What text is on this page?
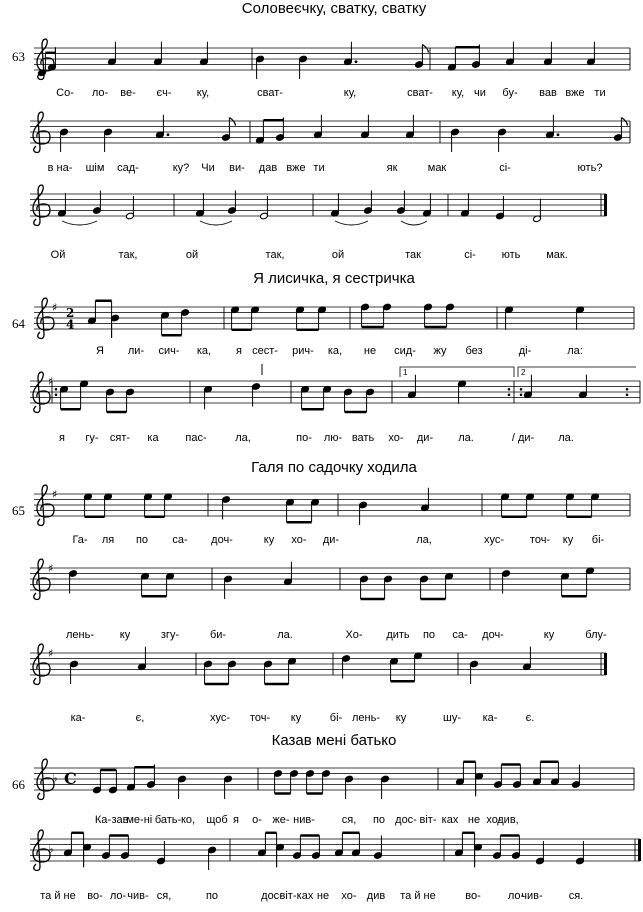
♯ 2
4
♯
1	2
♯
♯
♯
♭ C
♭
Соловеєчку, сватку, сватку
63
Со- ло- ве- єч- ку,	сват-	ку,	сват- ку, чи бу- вав вже ти
в на- шім сад-	ку? Чи ви- дав вже ти	як	мак	сі-	ють?
Ой	так,	ой	так,	ой	так	сі- ють мак.
Я лисичка, я сестричка
64
Я ли- сич- ка, я сест- рич- ка, не сид- жу без	ді-	ла:
я гу- сят- ка пас-	ла,	по- лю- вать хо- ди- ла.	/ ди- ла.
Галя по садочку ходила
65
Га- ля по са- доч-	ку хо- ди-	ла,	хус- точ- ку бі-
лень- ку	згу-	би-	ла.	Хо- дить по са- доч-	ку	блу-
ка-	є,	хус- точ- ку	бі- лень- ку	шу- ка-	є.
Казав мені батько
66
Ка- зав
ме- ні бать- ко, щоб я о- же- нив- ся, по дос- віт- ках не хо-
див,
та й не во- ло- чив- ся,	по	дос-
віт- ках не хо- див та й не	во- ло-
чив- ся.
